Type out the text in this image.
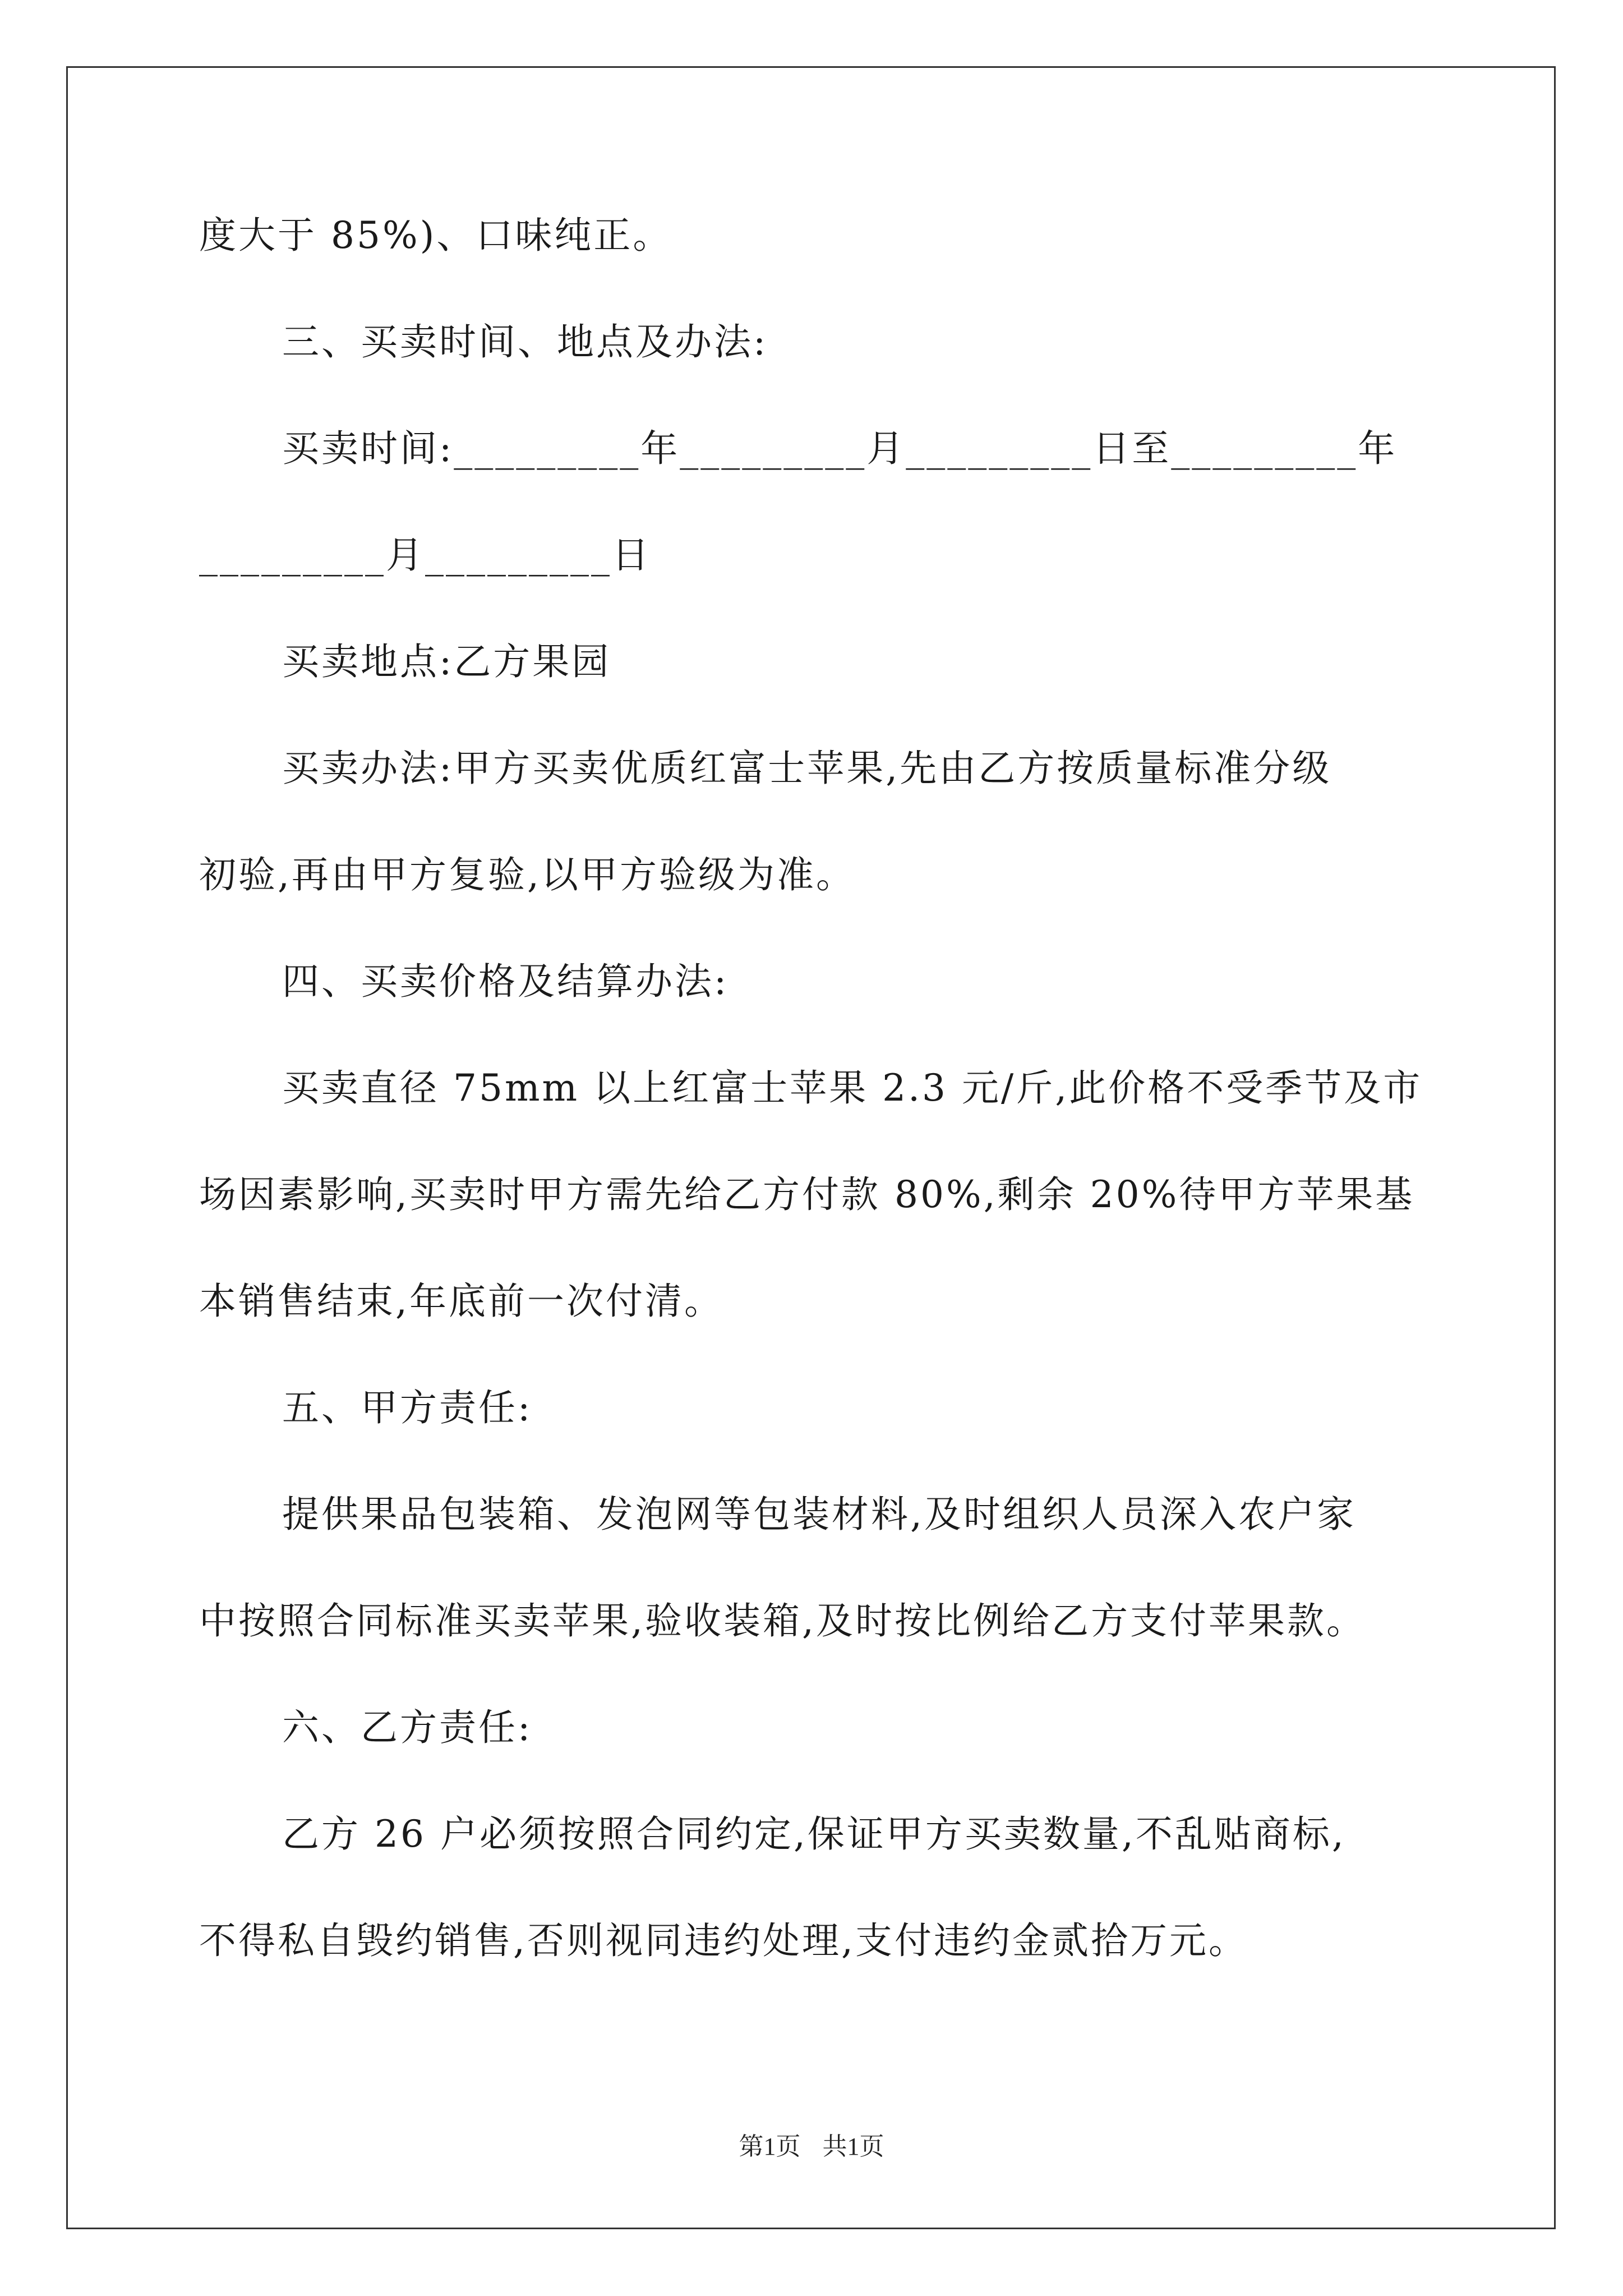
度大于 85%)、口味纯正。
三、买卖时间、地点及办法:
买卖时间:_________年_________月_________日至_________年
_________月_________日
买卖地点:乙方果园
买卖办法:甲方买卖优质红富士苹果,先由乙方按质量标准分级
初验,再由甲方复验,以甲方验级为准。
四、买卖价格及结算办法:
买卖直径 75mm 以上红富士苹果 2.3 元/斤,此价格不受季节及市
场因素影响,买卖时甲方需先给乙方付款 80%,剩余 20%待甲方苹果基
本销售结束,年底前一次付清。
五、甲方责任:
提供果品包装箱、发泡网等包装材料,及时组织人员深入农户家
中按照合同标准买卖苹果,验收装箱,及时按比例给乙方支付苹果款。
六、乙方责任:
乙方 26 户必须按照合同约定,保证甲方买卖数量,不乱贴商标,
不得私自毁约销售,否则视同违约处理,支付违约金贰拾万元。
第1页 共1页
